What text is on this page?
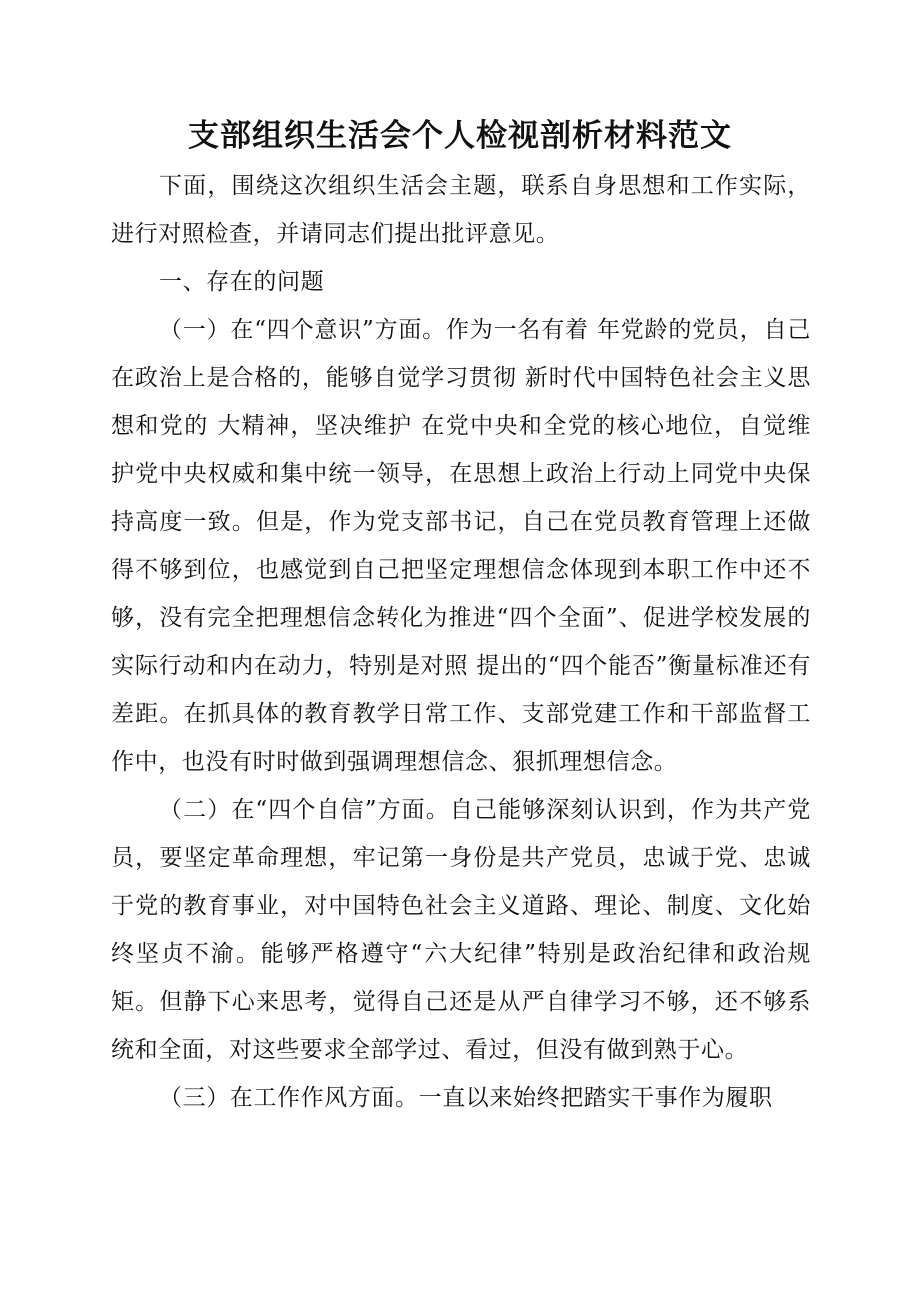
支部组织生活会个人检视剖析材料范文

下面，围绕这次组织生活会主题，联系自身思想和工作实际，进行对照检查，并请同志们提出批评意见。

一、存在的问题

（一）在“四个意识”方面。作为一名有着 年党龄的党员，自己在政治上是合格的，能够自觉学习贯彻 新时代中国特色社会主义思想和党的 大精神，坚决维护 在党中央和全党的核心地位，自觉维护党中央权威和集中统一领导，在思想上政治上行动上同党中央保持高度一致。但是，作为党支部书记，自己在党员教育管理上还做得不够到位，也感觉到自己把坚定理想信念体现到本职工作中还不够，没有完全把理想信念转化为推进“四个全面”、促进学校发展的实际行动和内在动力，特别是对照 提出的“四个能否”衡量标准还有差距。在抓具体的教育教学日常工作、支部党建工作和干部监督工作中，也没有时时做到强调理想信念、狠抓理想信念。

（二）在“四个自信”方面。自己能够深刻认识到，作为共产党员，要坚定革命理想，牢记第一身份是共产党员，忠诚于党、忠诚于党的教育事业，对中国特色社会主义道路、理论、制度、文化始终坚贞不渝。能够严格遵守“六大纪律”特别是政治纪律和政治规矩。但静下心来思考，觉得自己还是从严自律学习不够，还不够系统和全面，对这些要求全部学过、看过，但没有做到熟于心。

（三）在工作作风方面。一直以来始终把踏实干事作为履职
